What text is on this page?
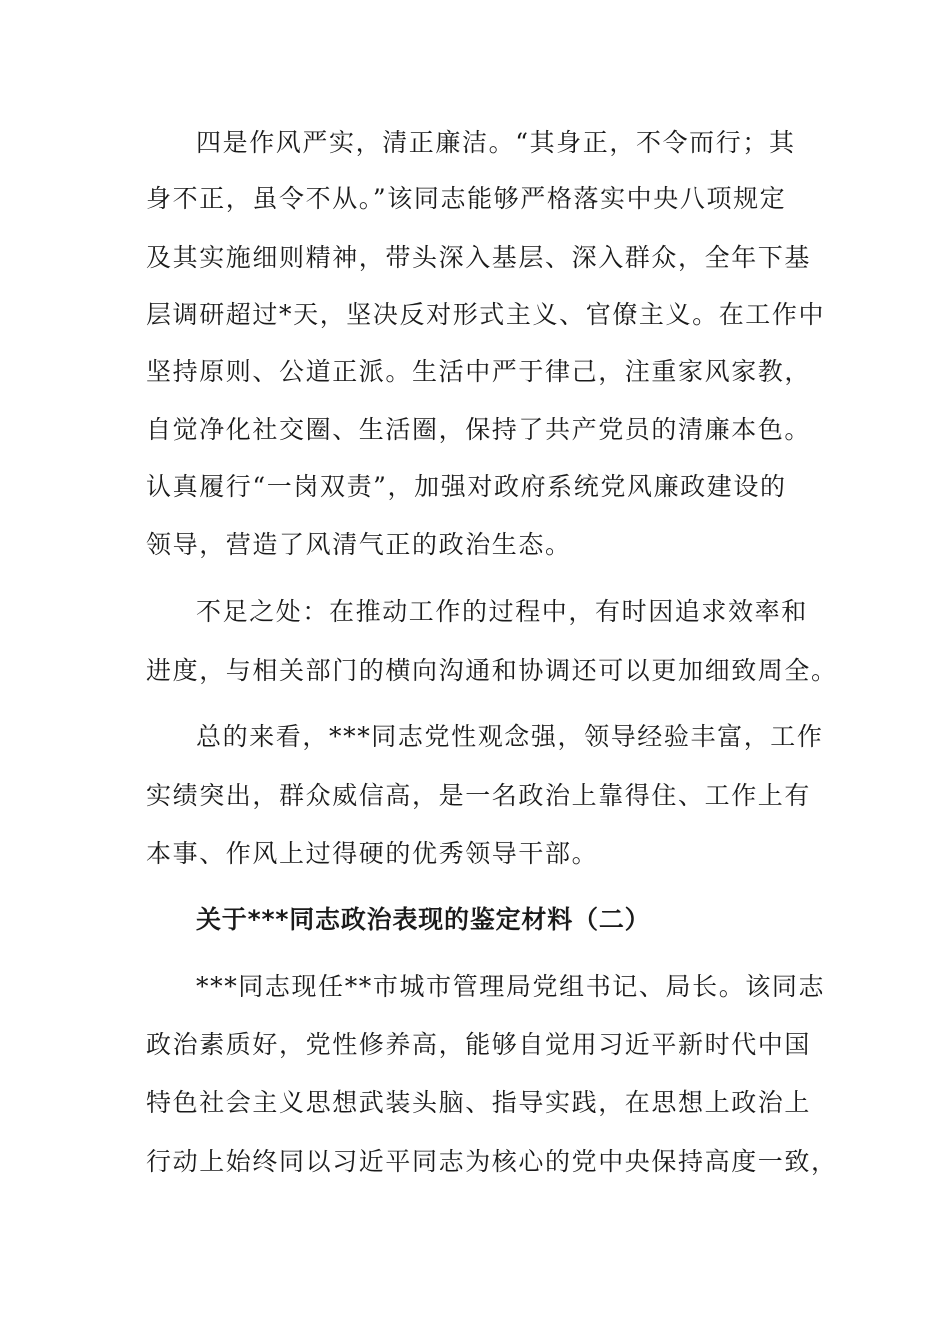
四是作风严实，清正廉洁。“其身正，不令而行；其
身不正，虽令不从。”该同志能够严格落实中央八项规定
及其实施细则精神，带头深入基层、深入群众，全年下基
层调研超过*天，坚决反对形式主义、官僚主义。在工作中
坚持原则、公道正派。生活中严于律己，注重家风家教，
自觉净化社交圈、生活圈，保持了共产党员的清廉本色。
认真履行“一岗双责”，加强对政府系统党风廉政建设的
领导，营造了风清气正的政治生态。
不足之处：在推动工作的过程中，有时因追求效率和
进度，与相关部门的横向沟通和协调还可以更加细致周全。
总的来看，***同志党性观念强，领导经验丰富，工作
实绩突出，群众威信高，是一名政治上靠得住、工作上有
本事、作风上过得硬的优秀领导干部。
关于***同志政治表现的鉴定材料（二）
***同志现任**市城市管理局党组书记、局长。该同志
政治素质好，党性修养高，能够自觉用习近平新时代中国
特色社会主义思想武装头脑、指导实践，在思想上政治上
行动上始终同以习近平同志为核心的党中央保持高度一致，
